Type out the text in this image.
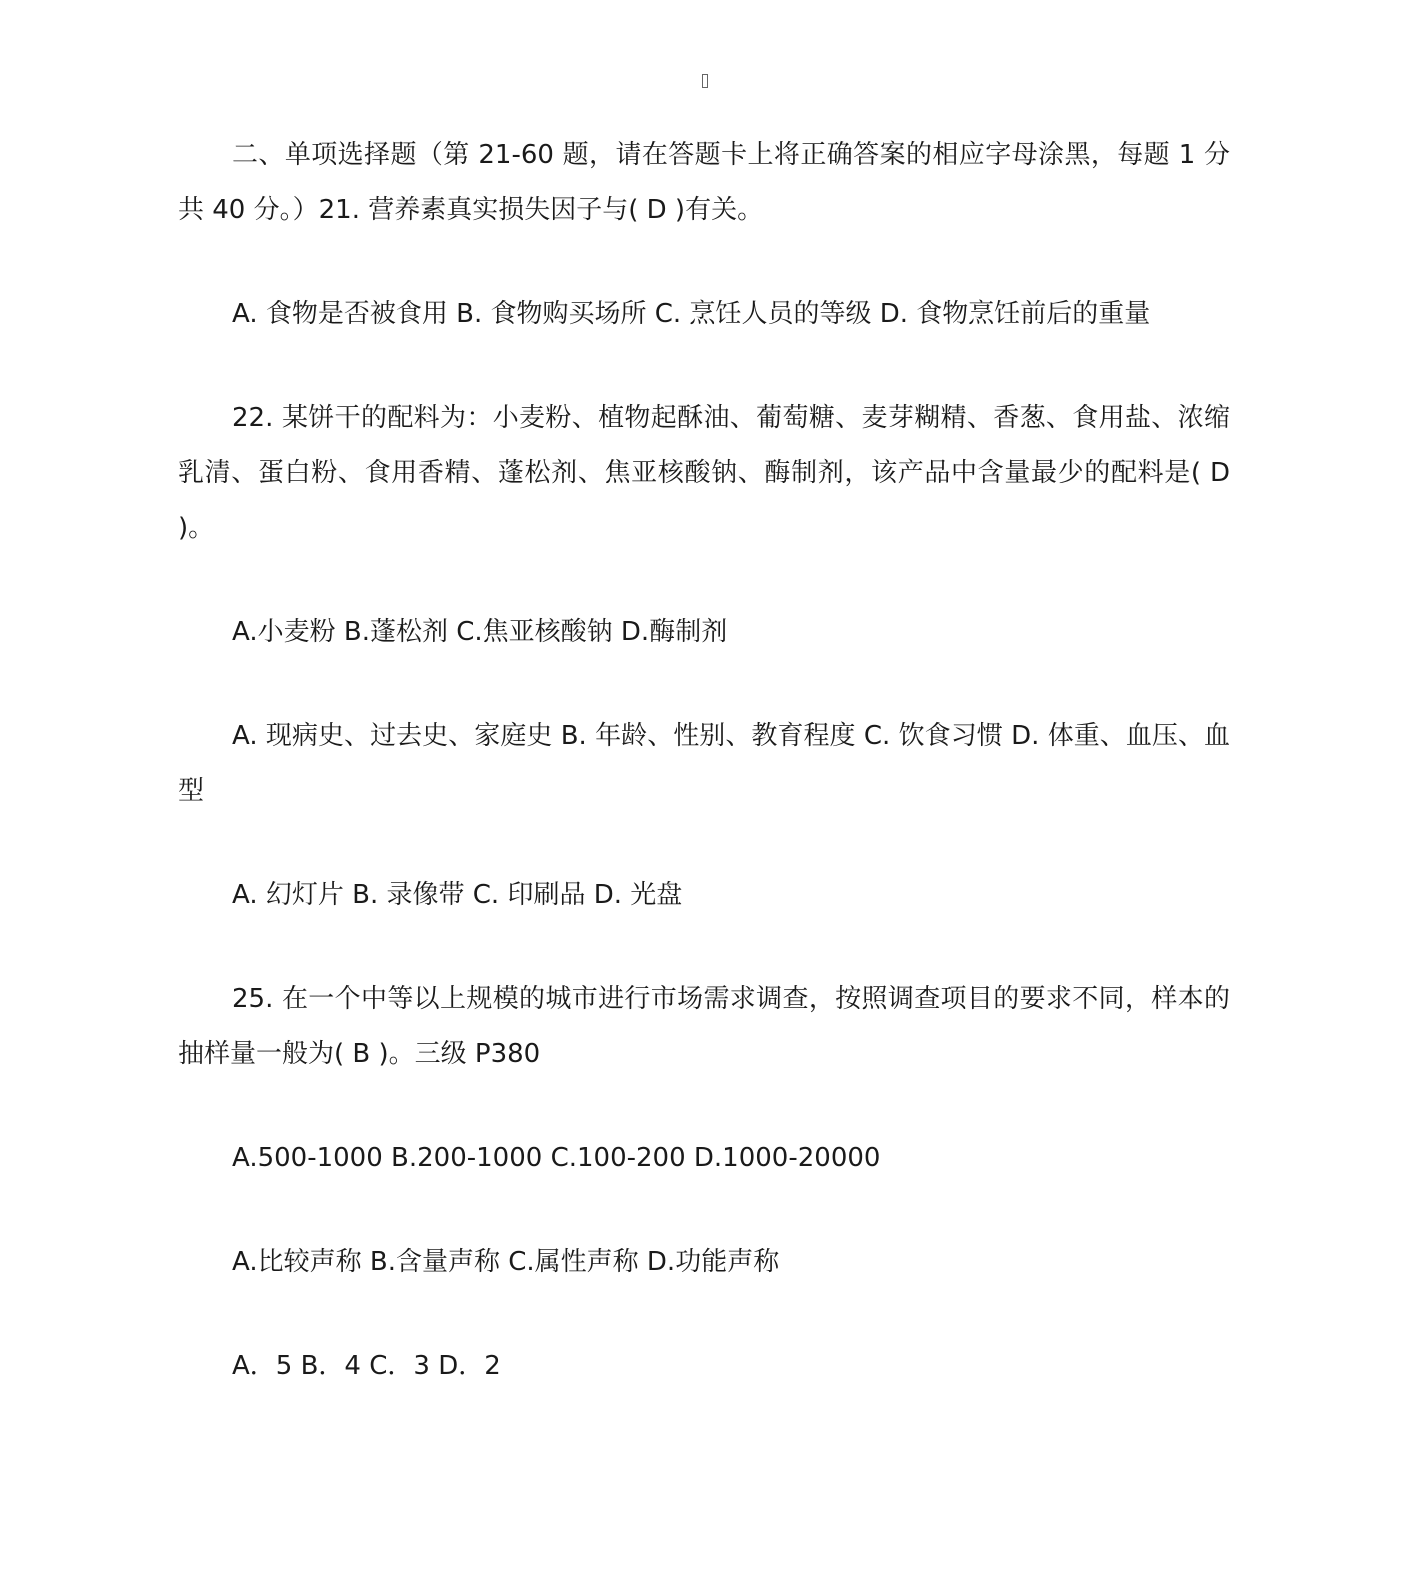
二、单项选择题（第 21-60 题，请在答题卡上将正确答案的相应字母涂黑，每题 1 分共 40 分。）21. 营养素真实损失因子与( D )有关。

A. 食物是否被食用 B. 食物购买场所 C. 烹饪人员的等级 D. 食物烹饪前后的重量

22. 某饼干的配料为：小麦粉、植物起酥油、葡萄糖、麦芽糊精、香葱、食用盐、浓缩乳清、蛋白粉、食用香精、蓬松剂、焦亚核酸钠、酶制剂，该产品中含量最少的配料是( D )。

A.小麦粉 B.蓬松剂 C.焦亚核酸钠 D.酶制剂

A. 现病史、过去史、家庭史 B. 年龄、性别、教育程度 C. 饮食习惯 D. 体重、血压、血型

A. 幻灯片 B. 录像带 C. 印刷品 D. 光盘

25. 在一个中等以上规模的城市进行市场需求调查，按照调查项目的要求不同，样本的抽样量一般为( B )。三级 P380

A.500-1000 B.200-1000 C.100-200 D.1000-20000

A.比较声称 B.含量声称 C.属性声称 D.功能声称

A．5 B．4 C．3 D．2
